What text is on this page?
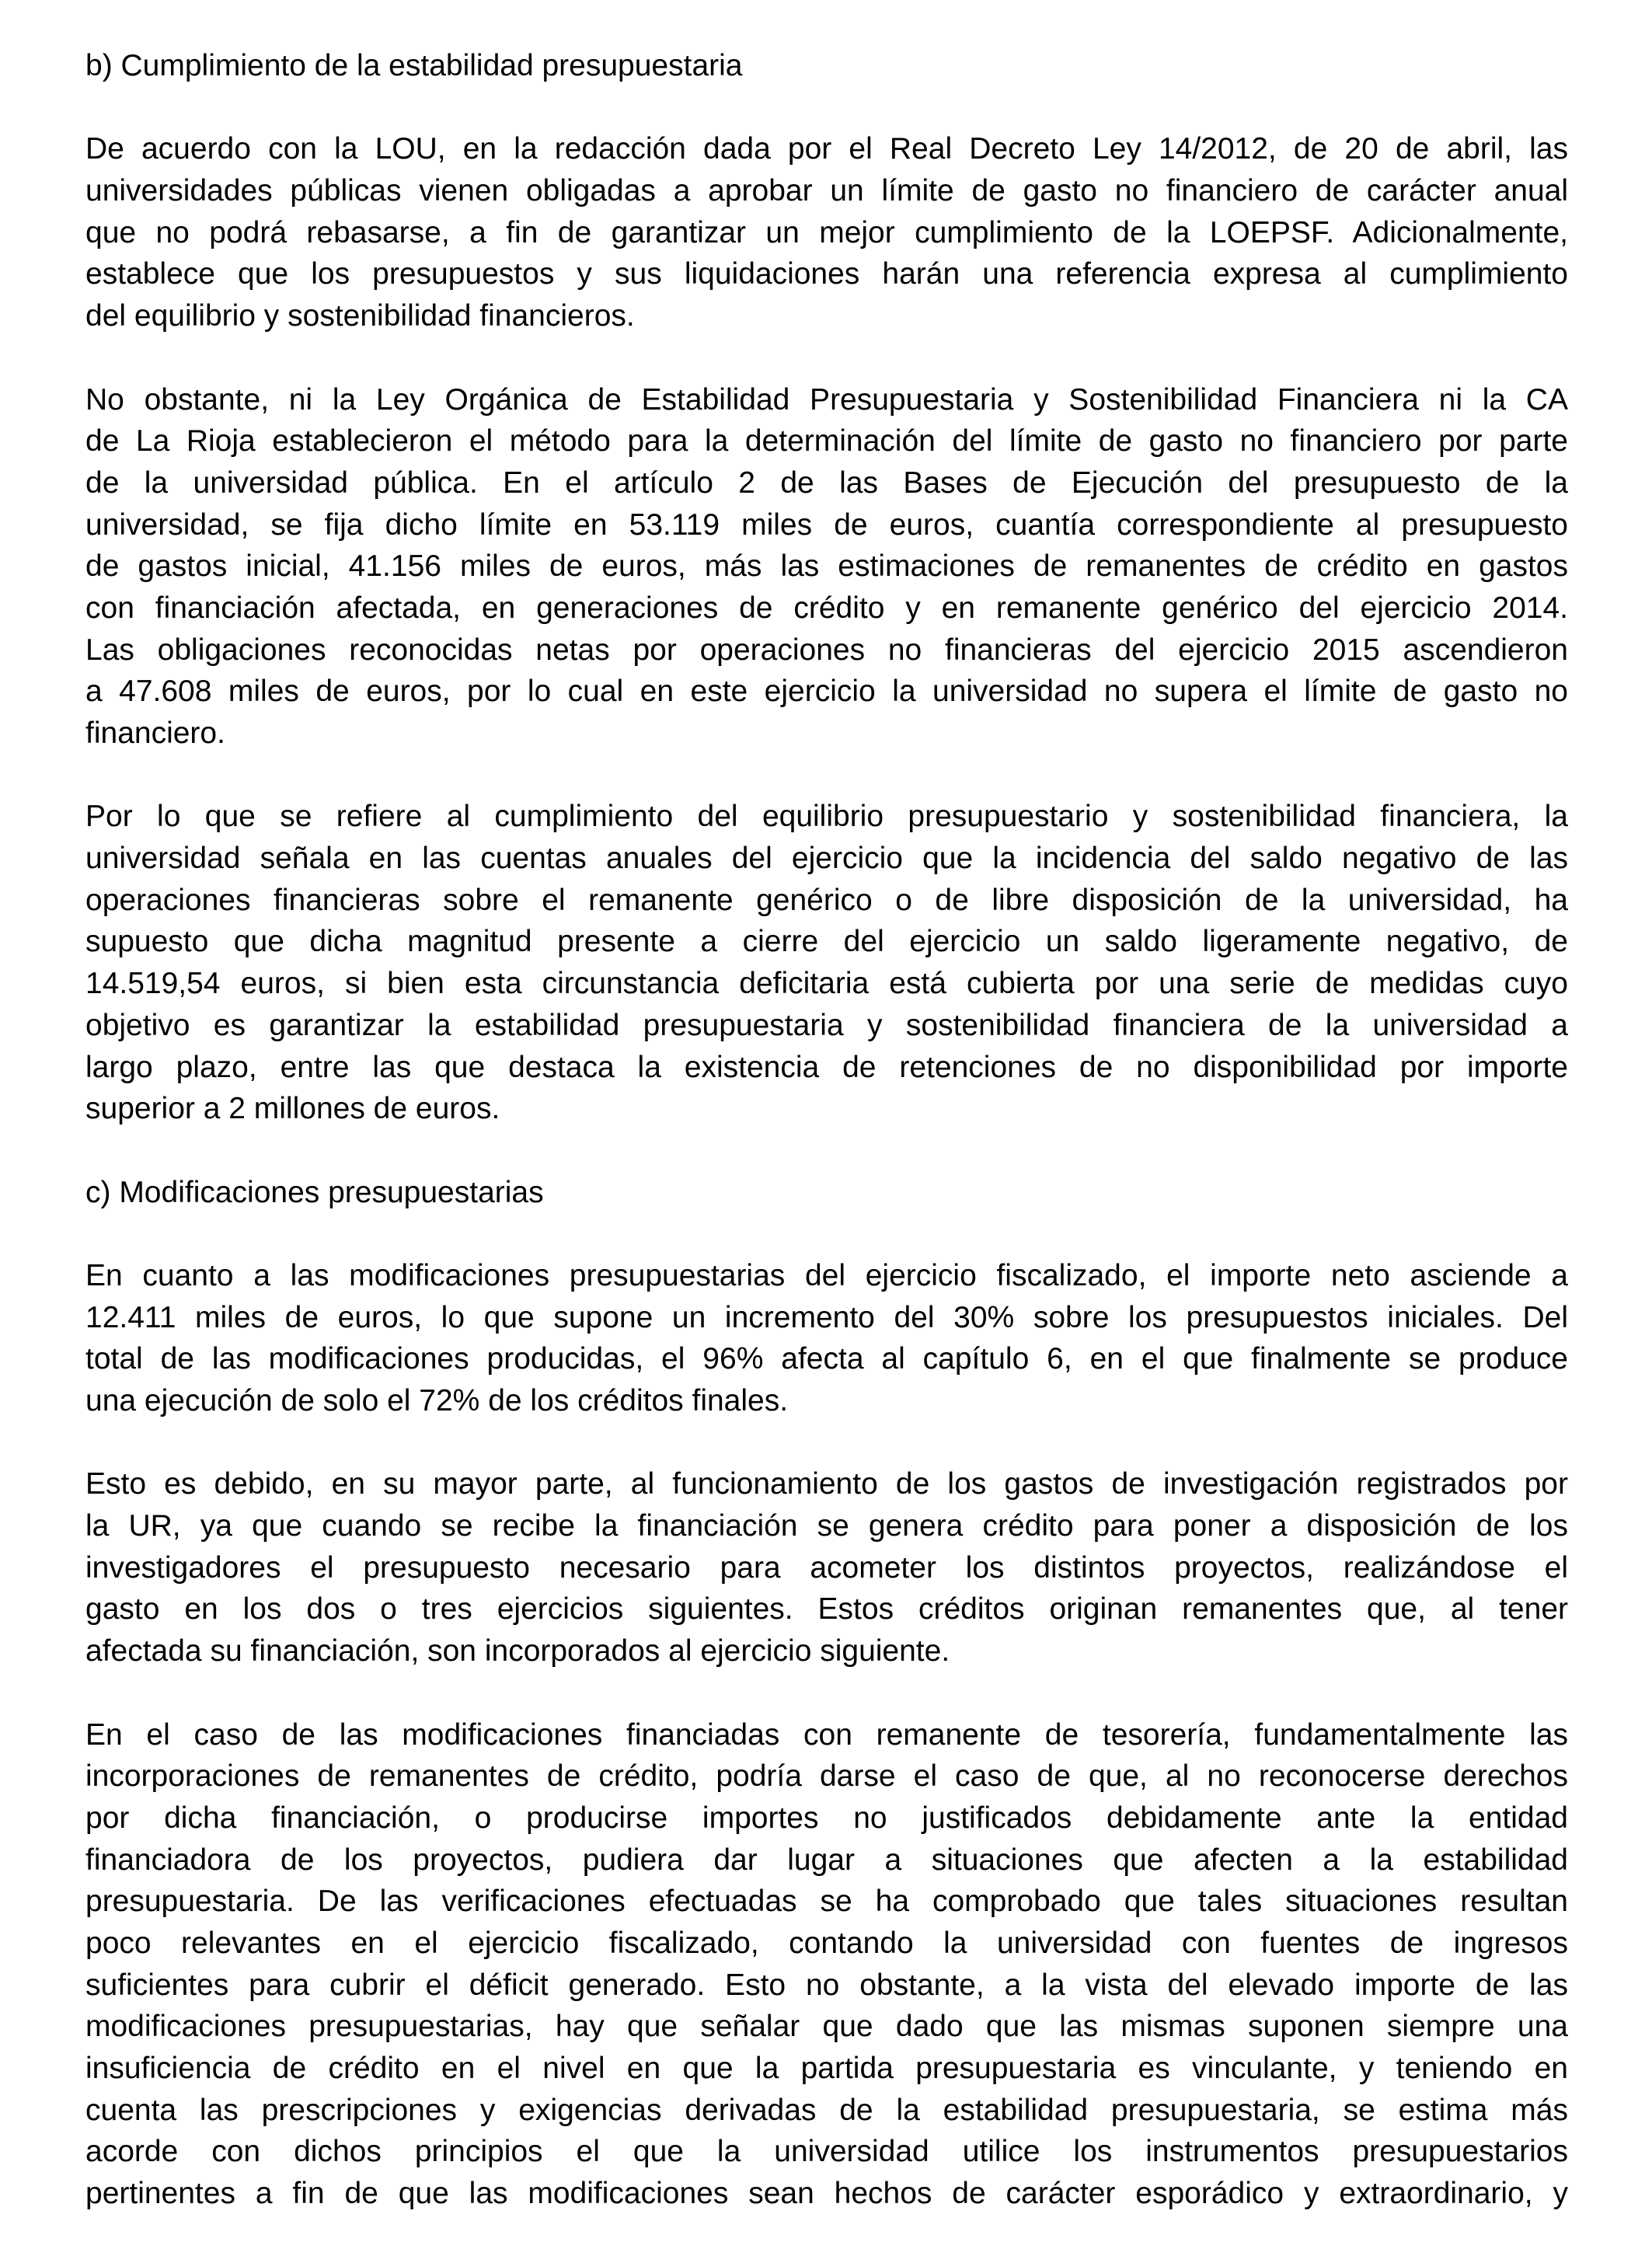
b) Cumplimiento de la estabilidad presupuestaria
De acuerdo con la LOU, en la redacción dada por el Real Decreto Ley 14/2012, de 20 de abril, las
universidades públicas vienen obligadas a aprobar un límite de gasto no financiero de carácter anual
que no podrá rebasarse, a fin de garantizar un mejor cumplimiento de la LOEPSF. Adicionalmente,
establece que los presupuestos y sus liquidaciones harán una referencia expresa al cumplimiento
del equilibrio y sostenibilidad financieros.
No obstante, ni la Ley Orgánica de Estabilidad Presupuestaria y Sostenibilidad Financiera ni la CA
de La Rioja establecieron el método para la determinación del límite de gasto no financiero por parte
de la universidad pública. En el artículo 2 de las Bases de Ejecución del presupuesto de la
universidad, se fija dicho límite en 53.119 miles de euros, cuantía correspondiente al presupuesto
de gastos inicial, 41.156 miles de euros, más las estimaciones de remanentes de crédito en gastos
con financiación afectada, en generaciones de crédito y en remanente genérico del ejercicio 2014.
Las obligaciones reconocidas netas por operaciones no financieras del ejercicio 2015 ascendieron
a 47.608 miles de euros, por lo cual en este ejercicio la universidad no supera el límite de gasto no
financiero.
Por lo que se refiere al cumplimiento del equilibrio presupuestario y sostenibilidad financiera, la
universidad señala en las cuentas anuales del ejercicio que la incidencia del saldo negativo de las
operaciones financieras sobre el remanente genérico o de libre disposición de la universidad, ha
supuesto que dicha magnitud presente a cierre del ejercicio un saldo ligeramente negativo, de
14.519,54 euros, si bien esta circunstancia deficitaria está cubierta por una serie de medidas cuyo
objetivo es garantizar la estabilidad presupuestaria y sostenibilidad financiera de la universidad a
largo plazo, entre las que destaca la existencia de retenciones de no disponibilidad por importe
superior a 2 millones de euros.
c) Modificaciones presupuestarias
En cuanto a las modificaciones presupuestarias del ejercicio fiscalizado, el importe neto asciende a
12.411 miles de euros, lo que supone un incremento del 30% sobre los presupuestos iniciales. Del
total de las modificaciones producidas, el 96% afecta al capítulo 6, en el que finalmente se produce
una ejecución de solo el 72% de los créditos finales.
Esto es debido, en su mayor parte, al funcionamiento de los gastos de investigación registrados por
la UR, ya que cuando se recibe la financiación se genera crédito para poner a disposición de los
investigadores el presupuesto necesario para acometer los distintos proyectos, realizándose el
gasto en los dos o tres ejercicios siguientes. Estos créditos originan remanentes que, al tener
afectada su financiación, son incorporados al ejercicio siguiente.
En el caso de las modificaciones financiadas con remanente de tesorería, fundamentalmente las
incorporaciones de remanentes de crédito, podría darse el caso de que, al no reconocerse derechos
por dicha financiación, o producirse importes no justificados debidamente ante la entidad
financiadora de los proyectos, pudiera dar lugar a situaciones que afecten a la estabilidad
presupuestaria. De las verificaciones efectuadas se ha comprobado que tales situaciones resultan
poco relevantes en el ejercicio fiscalizado, contando la universidad con fuentes de ingresos
suficientes para cubrir el déficit generado. Esto no obstante, a la vista del elevado importe de las
modificaciones presupuestarias, hay que señalar que dado que las mismas suponen siempre una
insuficiencia de crédito en el nivel en que la partida presupuestaria es vinculante, y teniendo en
cuenta las prescripciones y exigencias derivadas de la estabilidad presupuestaria, se estima más
acorde con dichos principios el que la universidad utilice los instrumentos presupuestarios
pertinentes a fin de que las modificaciones sean hechos de carácter esporádico y extraordinario, y
